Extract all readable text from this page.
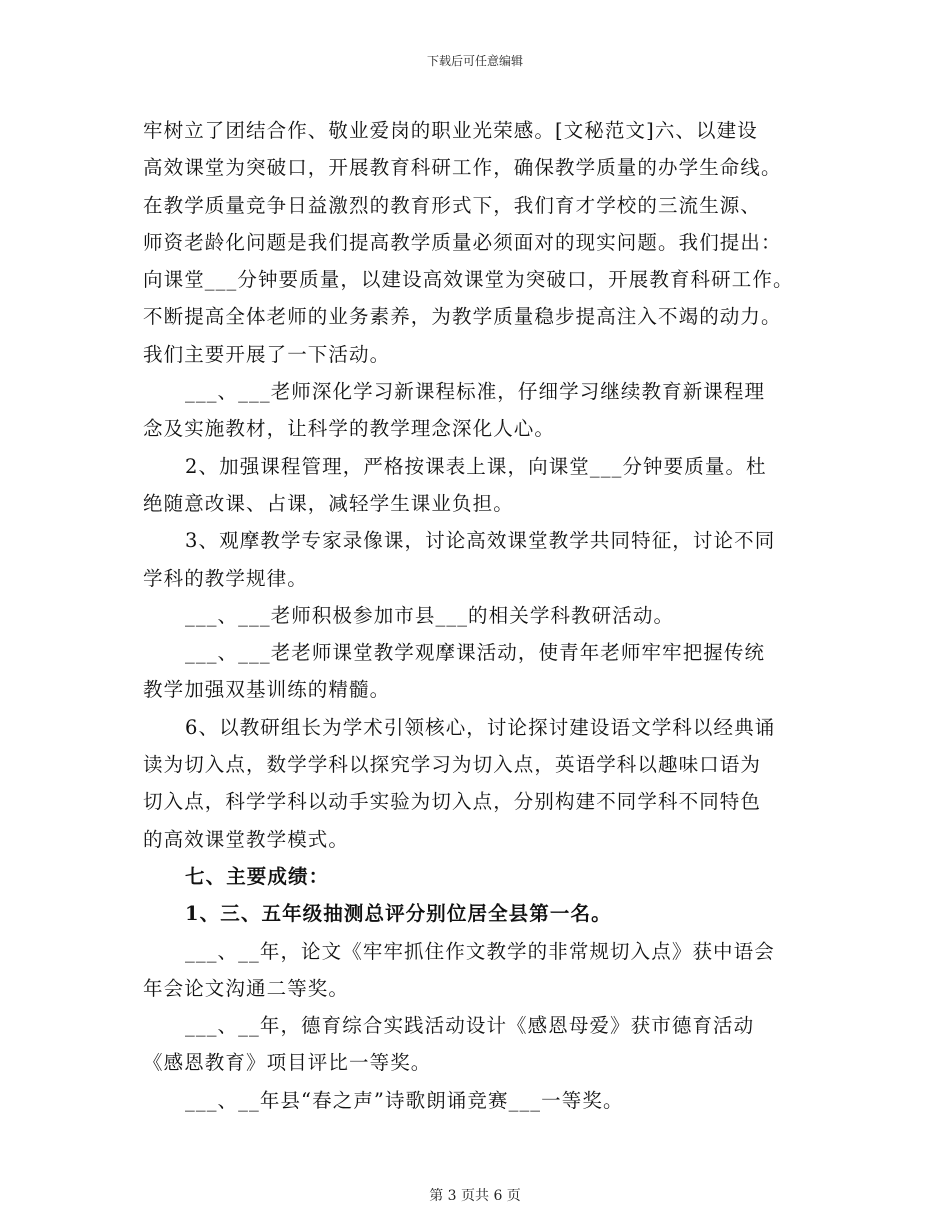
下载后可任意编辑
牢树立了团结合作、敬业爱岗的职业光荣感。[文秘范文]六、以建设
高效课堂为突破口，开展教育科研工作，确保教学质量的办学生命线。
在教学质量竞争日益激烈的教育形式下，我们育才学校的三流生源、
师资老龄化问题是我们提高教学质量必须面对的现实问题。我们提出：
向课堂___分钟要质量，以建设高效课堂为突破口，开展教育科研工作。
不断提高全体老师的业务素养，为教学质量稳步提高注入不竭的动力。
我们主要开展了一下活动。
___、___老师深化学习新课程标准，仔细学习继续教育新课程理
念及实施教材，让科学的教学理念深化人心。
2、加强课程管理，严格按课表上课，向课堂___分钟要质量。杜
绝随意改课、占课，减轻学生课业负担。
3、观摩教学专家录像课，讨论高效课堂教学共同特征，讨论不同
学科的教学规律。
___、___老师积极参加市县___的相关学科教研活动。
___、___老老师课堂教学观摩课活动，使青年老师牢牢把握传统
教学加强双基训练的精髓。
6、以教研组长为学术引领核心，讨论探讨建设语文学科以经典诵
读为切入点，数学学科以探究学习为切入点，英语学科以趣味口语为
切入点，科学学科以动手实验为切入点，分别构建不同学科不同特色
的高效课堂教学模式。
七、主要成绩：
1、三、五年级抽测总评分别位居全县第一名。
___、__年，论文《牢牢抓住作文教学的非常规切入点》获中语会
年会论文沟通二等奖。
___、__年，德育综合实践活动设计《感恩母爱》获市德育活动
《感恩教育》项目评比一等奖。
___、__年县“春之声”诗歌朗诵竞赛___一等奖。
第 3 页共 6 页
